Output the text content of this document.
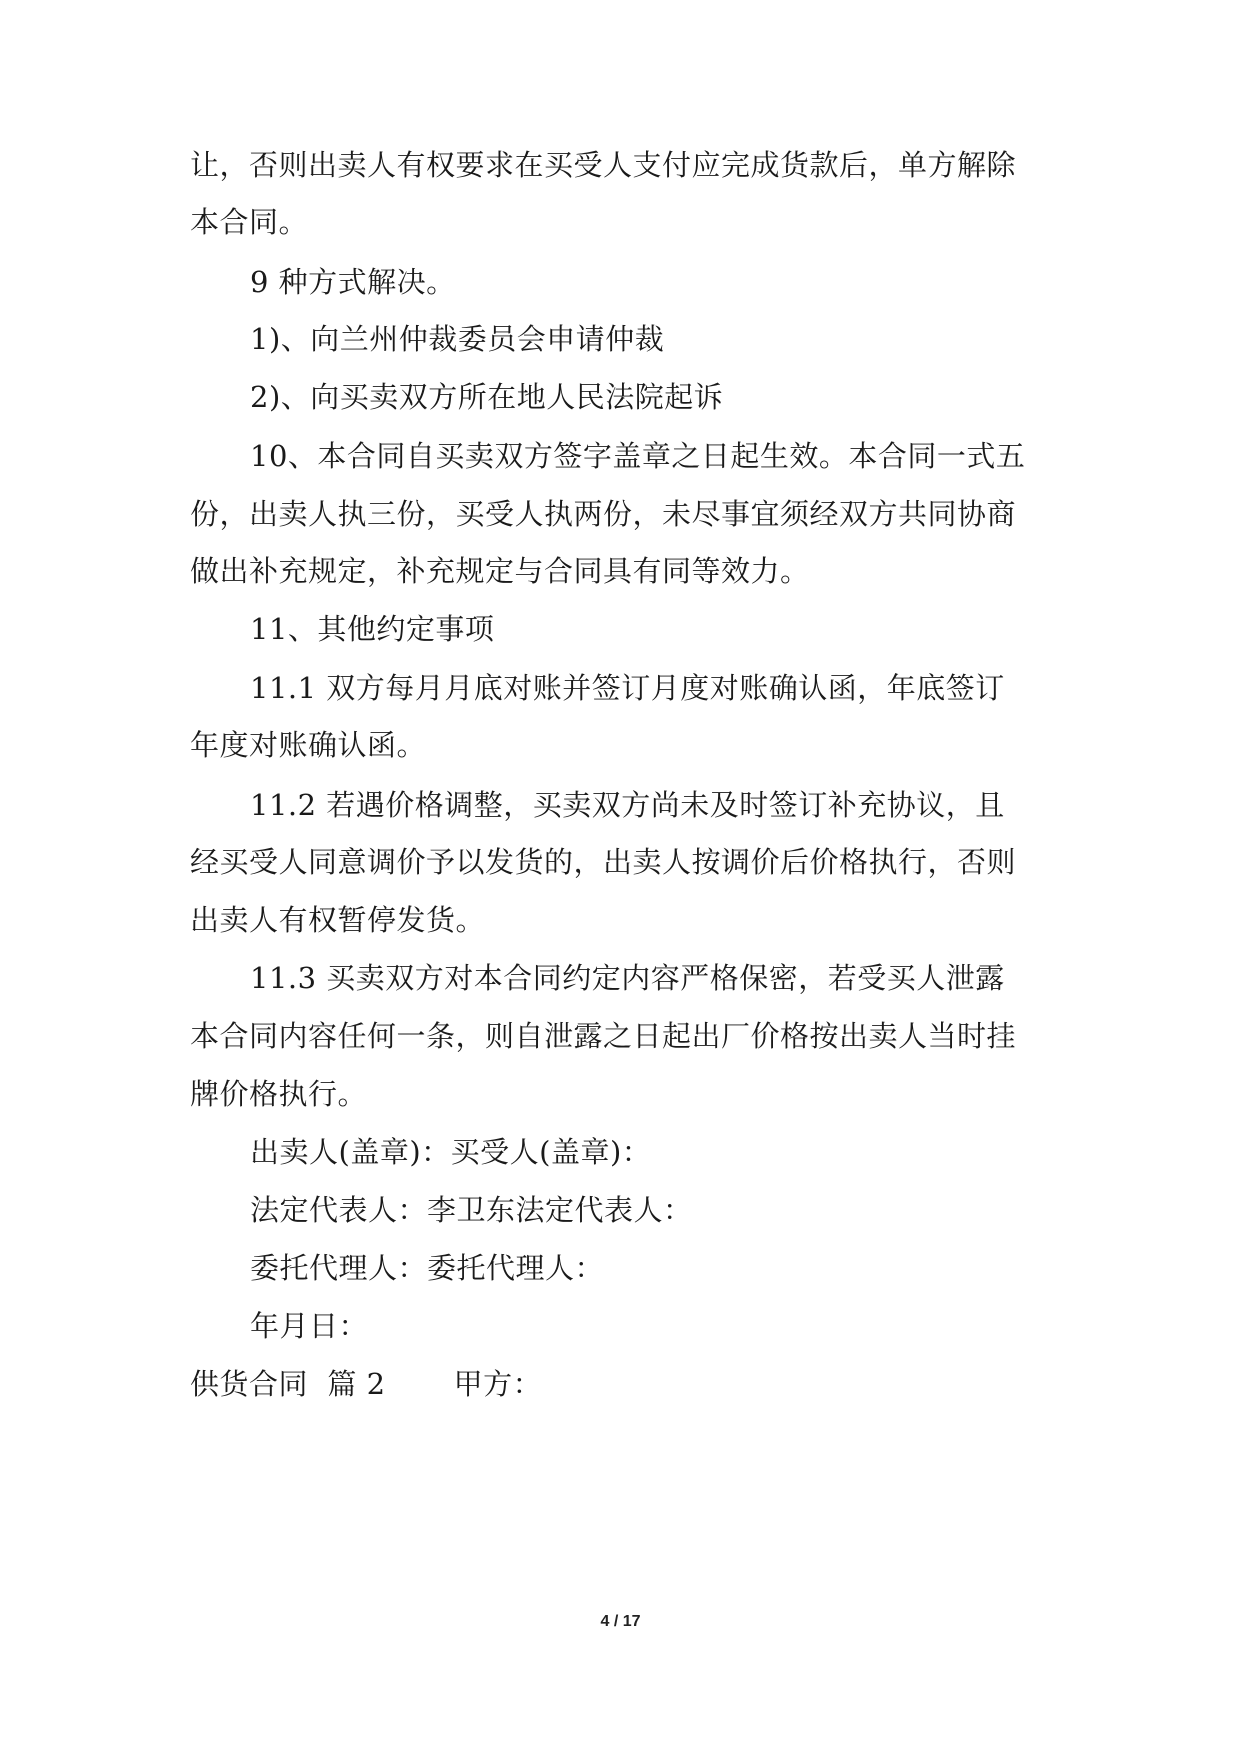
让，否则出卖人有权要求在买受人支付应完成货款后，单方解除
本合同。
9 种方式解决。
1)、向兰州仲裁委员会申请仲裁
2)、向买卖双方所在地人民法院起诉
10、本合同自买卖双方签字盖章之日起生效。本合同一式五
份，出卖人执三份，买受人执两份，未尽事宜须经双方共同协商
做出补充规定，补充规定与合同具有同等效力。
11、其他约定事项
11.1 双方每月月底对账并签订月度对账确认函，年底签订
年度对账确认函。
11.2 若遇价格调整，买卖双方尚未及时签订补充协议，且
经买受人同意调价予以发货的，出卖人按调价后价格执行，否则
出卖人有权暂停发货。
11.3 买卖双方对本合同约定内容严格保密，若受买人泄露
本合同内容任何一条，则自泄露之日起出厂价格按出卖人当时挂
牌价格执行。
出卖人(盖章)：买受人(盖章)：
法定代表人：李卫东法定代表人：
委托代理人：委托代理人：
年月日：
供货合同  篇 2       甲方：
4 / 17
